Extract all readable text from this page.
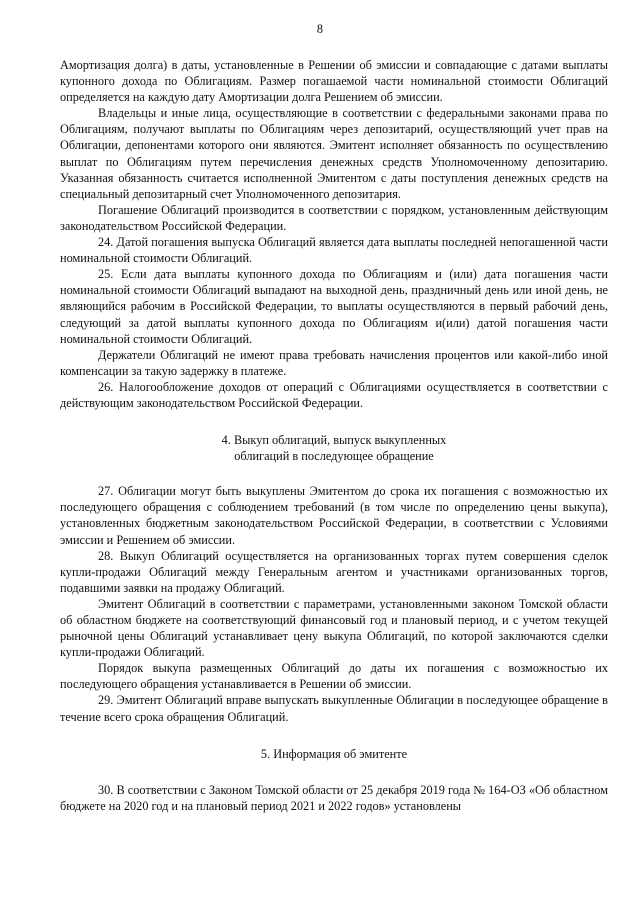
8

Амортизация долга) в даты, установленные в Решении об эмиссии и совпадающие с датами выплаты купонного дохода по Облигациям. Размер погашаемой части номинальной стоимости Облигаций определяется на каждую дату Амортизации долга Решением об эмиссии.

Владельцы и иные лица, осуществляющие в соответствии с федеральными законами права по Облигациям, получают выплаты по Облигациям через депозитарий, осуществляющий учет прав на Облигации, депонентами которого они являются. Эмитент исполняет обязанность по осуществлению выплат по Облигациям путем перечисления денежных средств Уполномоченному депозитарию. Указанная обязанность считается исполненной Эмитентом с даты поступления денежных средств на специальный депозитарный счет Уполномоченного депозитария.

Погашение Облигаций производится в соответствии с порядком, установленным действующим законодательством Российской Федерации.

24. Датой погашения выпуска Облигаций является дата выплаты последней непогашенной части номинальной стоимости Облигаций.

25. Если дата выплаты купонного дохода по Облигациям и (или) дата погашения части номинальной стоимости Облигаций выпадают на выходной день, праздничный день или иной день, не являющийся рабочим в Российской Федерации, то выплаты осуществляются в первый рабочий день, следующий за датой выплаты купонного дохода по Облигациям и(или) датой погашения части номинальной стоимости Облигаций.

Держатели Облигаций не имеют права требовать начисления процентов или какой-либо иной компенсации за такую задержку в платеже.

26. Налогообложение доходов от операций с Облигациями осуществляется в соответствии с действующим законодательством Российской Федерации.

4. Выкуп облигаций, выпуск выкупленных
облигаций в последующее обращение

27. Облигации могут быть выкуплены Эмитентом до срока их погашения с возможностью их последующего обращения с соблюдением требований (в том числе по определению цены выкупа), установленных бюджетным законодательством Российской Федерации, в соответствии с Условиями эмиссии и Решением об эмиссии.

28. Выкуп Облигаций осуществляется на организованных торгах путем совершения сделок купли-продажи Облигаций между Генеральным агентом и участниками организованных торгов, подавшими заявки на продажу Облигаций.

Эмитент Облигаций в соответствии с параметрами, установленными законом Томской области об областном бюджете на соответствующий финансовый год и плановый период, и с учетом текущей рыночной цены Облигаций устанавливает цену выкупа Облигаций, по которой заключаются сделки купли-продажи Облигаций.

Порядок выкупа размещенных Облигаций до даты их погашения с возможностью их последующего обращения устанавливается в Решении об эмиссии.

29. Эмитент Облигаций вправе выпускать выкупленные Облигации в последующее обращение в течение всего срока обращения Облигаций.

5. Информация об эмитенте

30. В соответствии с Законом Томской области от 25 декабря 2019 года № 164-ОЗ «Об областном бюджете на 2020 год и на плановый период 2021 и 2022 годов» установлены
